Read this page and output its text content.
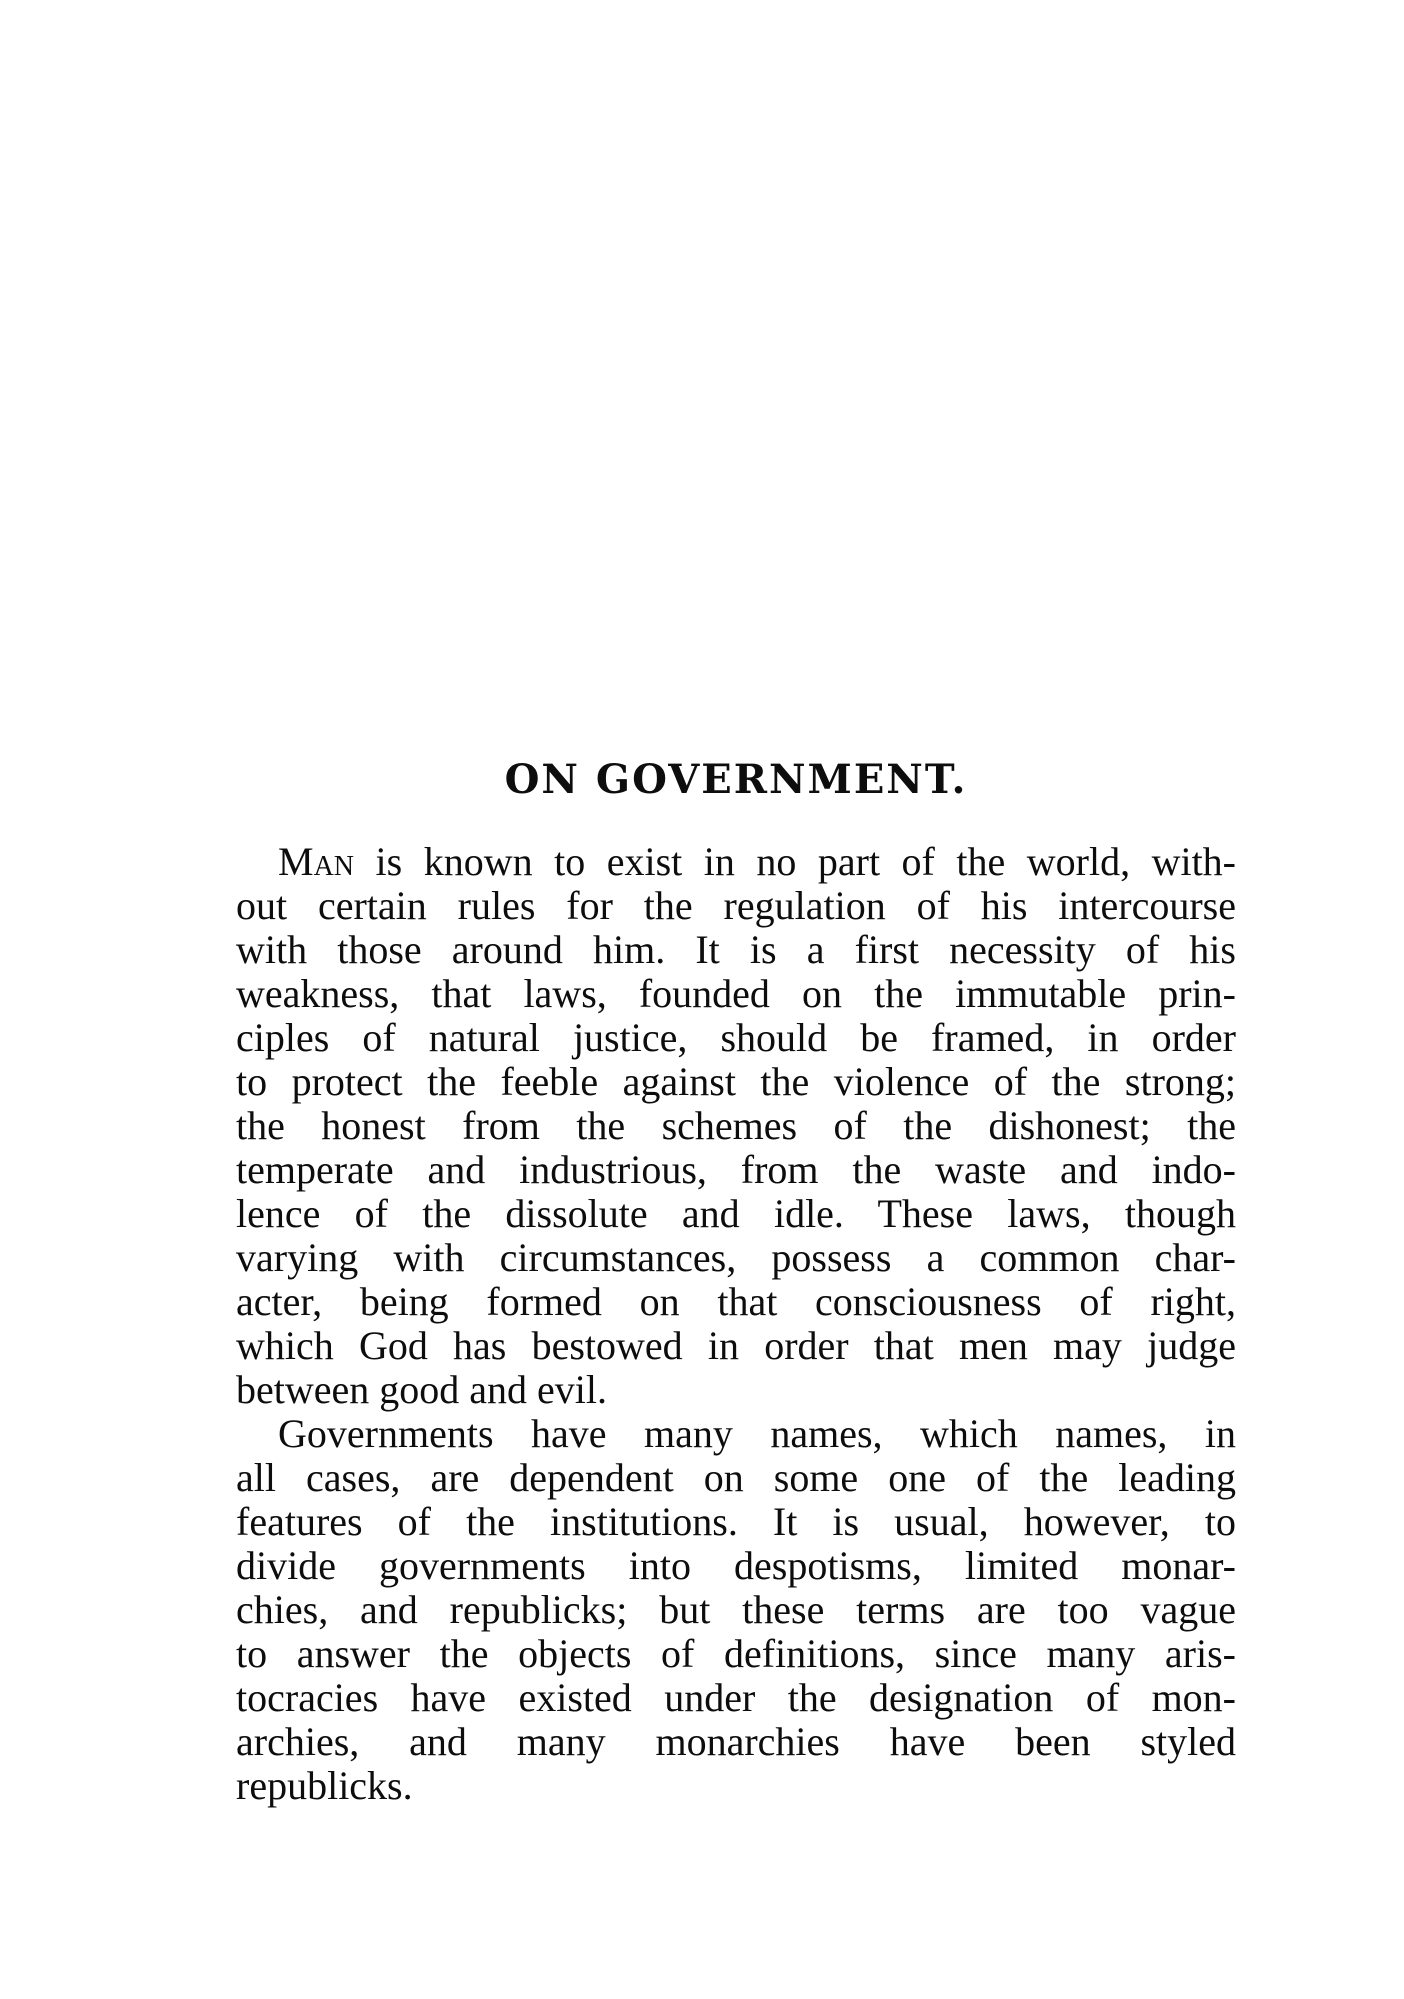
ON GOVERNMENT.
Man is known to exist in no part of the world, with-
out certain rules for the regulation of his intercourse
with those around him. It is a first necessity of his
weakness, that laws, founded on the immutable prin-
ciples of natural justice, should be framed, in order
to protect the feeble against the violence of the strong;
the honest from the schemes of the dishonest; the
temperate and industrious, from the waste and indo-
lence of the dissolute and idle. These laws, though
varying with circumstances, possess a common char-
acter, being formed on that consciousness of right,
which God has bestowed in order that men may judge
between good and evil.
Governments have many names, which names, in
all cases, are dependent on some one of the leading
features of the institutions. It is usual, however, to
divide governments into despotisms, limited monar-
chies, and republicks; but these terms are too vague
to answer the objects of definitions, since many aris-
tocracies have existed under the designation of mon-
archies, and many monarchies have been styled
republicks.
